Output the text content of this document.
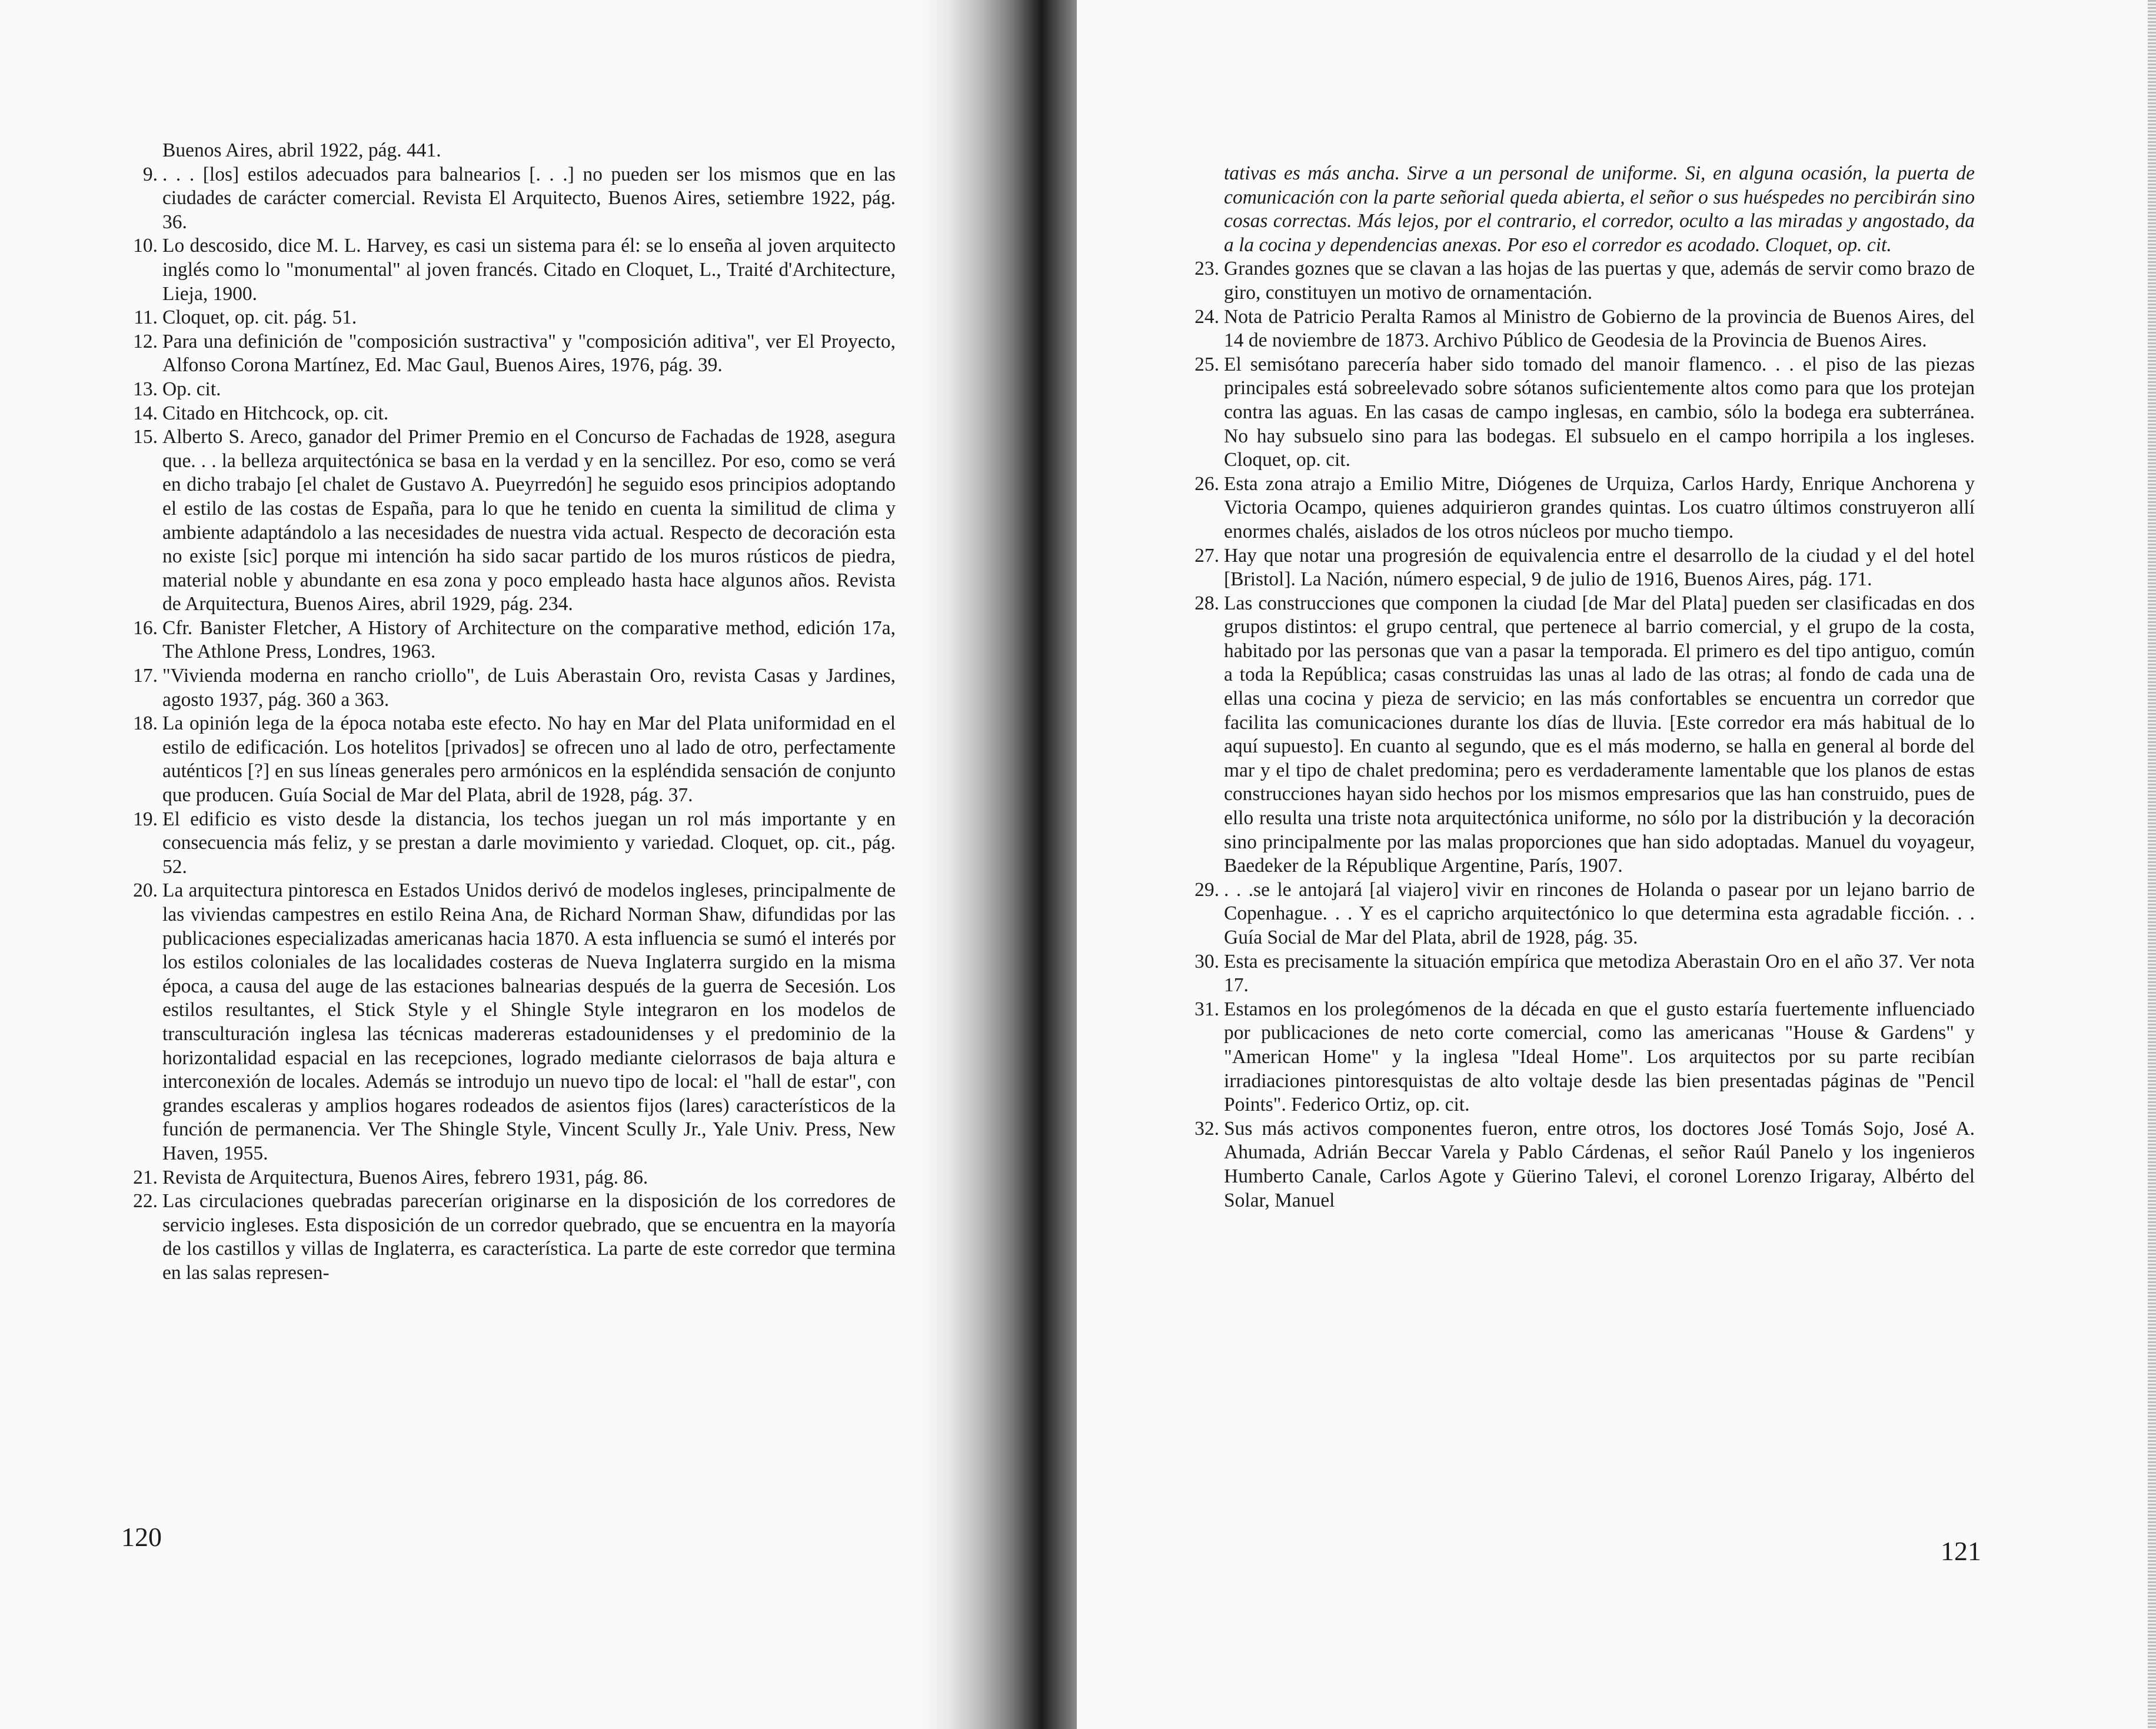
Buenos Aires, abril 1922, pág. 441.
9. . . . [los] estilos adecuados para balnearios [. . .] no pueden ser los mismos que en las ciudades de carácter comercial. Revista El Arquitecto, Buenos Aires, setiembre 1922, pág. 36.
10. Lo descosido, dice M. L. Harvey, es casi un sistema para él: se lo enseña al joven arquitecto inglés como lo "monumental" al joven francés. Citado en Cloquet, L., Traité d'Architecture, Lieja, 1900.
11. Cloquet, op. cit. pág. 51.
12. Para una definición de "composición sustractiva" y "composición aditiva", ver El Proyecto, Alfonso Corona Martínez, Ed. Mac Gaul, Buenos Aires, 1976, pág. 39.
13. Op. cit.
14. Citado en Hitchcock, op. cit.
15. Alberto S. Areco, ganador del Primer Premio en el Concurso de Fachadas de 1928, asegura que. . . la belleza arquitectónica se basa en la verdad y en la sencillez. Por eso, como se verá en dicho trabajo [el chalet de Gustavo A. Pueyrredón] he seguido esos principios adoptando el estilo de las costas de España, para lo que he tenido en cuenta la similitud de clima y ambiente adaptándolo a las necesidades de nuestra vida actual. Respecto de decoración esta no existe [sic] porque mi intención ha sido sacar partido de los muros rústicos de piedra, material noble y abundante en esa zona y poco empleado hasta hace algunos años. Revista de Arquitectura, Buenos Aires, abril 1929, pág. 234.
16. Cfr. Banister Fletcher, A History of Architecture on the comparative method, edición 17a, The Athlone Press, Londres, 1963.
17. "Vivienda moderna en rancho criollo", de Luis Aberastain Oro, revista Casas y Jardines, agosto 1937, pág. 360 a 363.
18. La opinión lega de la época notaba este efecto. No hay en Mar del Plata uniformidad en el estilo de edificación. Los hotelitos [privados] se ofrecen uno al lado de otro, perfectamente auténticos [?] en sus líneas generales pero armónicos en la espléndida sensación de conjunto que producen. Guía Social de Mar del Plata, abril de 1928, pág. 37.
19. El edificio es visto desde la distancia, los techos juegan un rol más importante y en consecuencia más feliz, y se prestan a darle movimiento y variedad. Cloquet, op. cit., pág. 52.
20. La arquitectura pintoresca en Estados Unidos derivó de modelos ingleses, principalmente de las viviendas campestres en estilo Reina Ana, de Richard Norman Shaw, difundidas por las publicaciones especializadas americanas hacia 1870. A esta influencia se sumó el interés por los estilos coloniales de las localidades costeras de Nueva Inglaterra surgido en la misma época, a causa del auge de las estaciones balnearias después de la guerra de Secesión. Los estilos resultantes, el Stick Style y el Shingle Style integraron en los modelos de transculturación inglesa las técnicas madereras estadounidenses y el predominio de la horizontalidad espacial en las recepciones, logrado mediante cielorrasos de baja altura e interconexión de locales. Además se introdujo un nuevo tipo de local: el "hall de estar", con grandes escaleras y amplios hogares rodeados de asientos fijos (lares) característicos de la función de permanencia. Ver The Shingle Style, Vincent Scully Jr., Yale Univ. Press, New Haven, 1955.
21. Revista de Arquitectura, Buenos Aires, febrero 1931, pág. 86.
22. Las circulaciones quebradas parecerían originarse en la disposición de los corredores de servicio ingleses. Esta disposición de un corredor quebrado, que se encuentra en la mayoría de los castillos y villas de Inglaterra, es característica. La parte de este corredor que termina en las salas represen-
120
tativas es más ancha. Sirve a un personal de uniforme. Si, en alguna ocasión, la puerta de comunicación con la parte señorial queda abierta, el señor o sus huéspedes no percibirán sino cosas correctas. Más lejos, por el contrario, el corredor, oculto a las miradas y angostado, da a la cocina y dependencias anexas. Por eso el corredor es acodado. Cloquet, op. cit.
23. Grandes goznes que se clavan a las hojas de las puertas y que, además de servir como brazo de giro, constituyen un motivo de ornamentación.
24. Nota de Patricio Peralta Ramos al Ministro de Gobierno de la provincia de Buenos Aires, del 14 de noviembre de 1873. Archivo Público de Geodesia de la Provincia de Buenos Aires.
25. El semisótano parecería haber sido tomado del manoir flamenco. . . el piso de las piezas principales está sobreelevado sobre sótanos suficientemente altos como para que los protejan contra las aguas. En las casas de campo inglesas, en cambio, sólo la bodega era subterránea. No hay subsuelo sino para las bodegas. El subsuelo en el campo horripila a los ingleses. Cloquet, op. cit.
26. Esta zona atrajo a Emilio Mitre, Diógenes de Urquiza, Carlos Hardy, Enrique Anchorena y Victoria Ocampo, quienes adquirieron grandes quintas. Los cuatro últimos construyeron allí enormes chalés, aislados de los otros núcleos por mucho tiempo.
27. Hay que notar una progresión de equivalencia entre el desarrollo de la ciudad y el del hotel [Bristol]. La Nación, número especial, 9 de julio de 1916, Buenos Aires, pág. 171.
28. Las construcciones que componen la ciudad [de Mar del Plata] pueden ser clasificadas en dos grupos distintos: el grupo central, que pertenece al barrio comercial, y el grupo de la costa, habitado por las personas que van a pasar la temporada. El primero es del tipo antiguo, común a toda la República; casas construidas las unas al lado de las otras; al fondo de cada una de ellas una cocina y pieza de servicio; en las más confortables se encuentra un corredor que facilita las comunicaciones durante los días de lluvia. [Este corredor era más habitual de lo aquí supuesto]. En cuanto al segundo, que es el más moderno, se halla en general al borde del mar y el tipo de chalet predomina; pero es verdaderamente lamentable que los planos de estas construcciones hayan sido hechos por los mismos empresarios que las han construido, pues de ello resulta una triste nota arquitectónica uniforme, no sólo por la distribución y la decoración sino principalmente por las malas proporciones que han sido adoptadas. Manuel du voyageur, Baedeker de la République Argentine, París, 1907.
29. . . .se le antojará [al viajero] vivir en rincones de Holanda o pasear por un lejano barrio de Copenhague. . . Y es el capricho arquitectónico lo que determina esta agradable ficción. . . Guía Social de Mar del Plata, abril de 1928, pág. 35.
30. Esta es precisamente la situación empírica que metodiza Aberastain Oro en el año 37. Ver nota 17.
31. Estamos en los prolegómenos de la década en que el gusto estaría fuertemente influenciado por publicaciones de neto corte comercial, como las americanas "House & Gardens" y "American Home" y la inglesa "Ideal Home". Los arquitectos por su parte recibían irradiaciones pintoresquistas de alto voltaje desde las bien presentadas páginas de "Pencil Points". Federico Ortiz, op. cit.
32. Sus más activos componentes fueron, entre otros, los doctores José Tomás Sojo, José A. Ahumada, Adrián Beccar Varela y Pablo Cárdenas, el señor Raúl Panelo y los ingenieros Humberto Canale, Carlos Agote y Güerino Talevi, el coronel Lorenzo Irigaray, Albérto del Solar, Manuel
121
